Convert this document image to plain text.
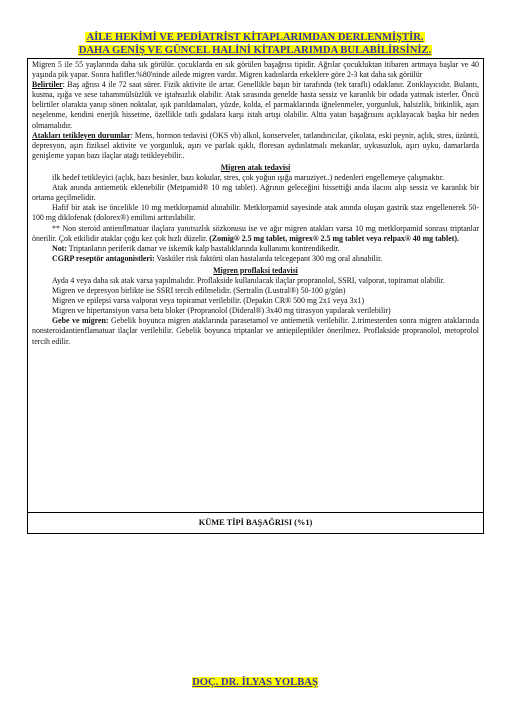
AİLE HEKİMİ VE PEDİATRİST KİTAPLARIMDAN DERLENMİŞTİR.
DAHA GENİŞ VE GÜNCEL HALİNİ KİTAPLARIMDA BULABİLİRSİNİZ.

Migren 5 ile 55 yaşlarında daha sık görülür. çocuklarda en sık görülen başağrısı tipidir. Ağrılar çocukluktan itibaren artmaya başlar ve 40 yaşında pik yapar. Sonra hafifler.%80'ninde ailede migren vardır. Migren kadınlarda erkeklere göre 2-3 kat daha sık görülür

Belirtiler: Baş ağrısı 4 ile 72 saat sürer. Fizik aktivite ile artar. Genellikle başın bir tarafında (tek taraflı) odaklanır. Zonklayıcıdır. Bulantı, kusma, ışığa ve sese tahammülsüzlük ve iştahsızlık olabilir. Atak sırasında genelde hasta sessiz ve karanlık bir odada yatmak isterler. Öncü belirtiler olarakta yanıp sönen noktalar, ışık parıldamaları, yüzde, kolda, el parmaklarında iğnelenmeler, yorgunluk, halsizlik, bitkinlik, aşırı neşelenme, kendini enerjik hissetme, özellikle tatlı gıdalara karşı istah artışı olabilir. Altta yatan başağrısını açıklayacak başka bir neden olmamalıdır.

Atakları tetikleyen durumlar: Mens, hormon tedavisi (OKS vb) alkol, konserveler, tatlandırıcılar, çikolata, eski peynir, açlık, stres, üzüntü, depresyon, aşırı fiziksel aktivite ve yorgunluk, aşırı ve parlak ışıklı, floresan aydınlatmalı mekanlar, uykusuzluk, aşırı uyku, damarlarda genişleme yapan bazı ilaçlar atağı tetikleyebilir..

Migren atak tedavisi

ilk hedef tetikleyici (açlık, bazı besinler, bazı kokular, stres, çok yoğun ışığa maruziyet..) nedenleri engellemeye çalışmaktır.

Atak anında antiemetik eklenebilir (Metpamid® 10 mg tablet). Ağrının geleceğini hissettiği anda ilacını alıp sessiz ve karanlık bir ortama geçilmelidir.

Hafif bir atak ise öncelikle 10 mg metklorpamid alınabilir. Metklorpamid sayesinde atak anında oluşan gastrik staz engellenerek 50-100 mg diklofenak (dolorex®) emilimi arttırılabilir.

** Non steroid antienflmatuar ilaçlara yanıtsızlık sözkonusu ise ve ağır migren atakları varsa 10 mg metklorpamid sonrası triptanlar önerilir. Çok etkilidir ataklar çoğu kez çok hızlı düzelir. (Zomig® 2.5 mg tablet, migrex® 2.5 mg tablet veya relpax® 40 mg tablet).

Not: Triptanların periferik damar ve iskemik kalp hastalıklarında kullanımı kontrendikedir.

CGRP reseptör antagonistleri: Vasküler risk faktörü olan hastalarda telcegepant 300 mg oral alınabilir.

Migren proflaksi tedavisi

Ayda 4 veya daha sık atak varsa yapılmalıdır. Proflakside kullanılacak ilaçlar propranolol, SSRI, valporat, topiramat olabilir.

Migren ve depresyon birlikte ise SSRI tercih edilmelidir. (Sertralin (Lustral®) 50-100 g/gün)

Migren ve epilepsi varsa valporat veya topiramat verilebilir. (Depakin CR® 500 mg 2x1 veya 3x1)

Migren ve hipertansiyon varsa beta bloker (Propranolol (Dideral®) 3x40 mg titrasyon yapılarak verilebilir)

Gebe ve migren: Gebelik boyunca migren ataklarında parasetamol ve antiemetik verilebilir. 2.trimesterden sonra migren ataklarında nonsteroidantienflamatuar ilaçlar verilebilir. Gebelik boyunca triptanlar ve antiepileptikler önerilmez. Proflakside propranolol, metoprolol tercih edilir.

KÜME TİPİ BAŞAĞRISI (%1)
DOÇ. DR. İLYAS YOLBAŞ
